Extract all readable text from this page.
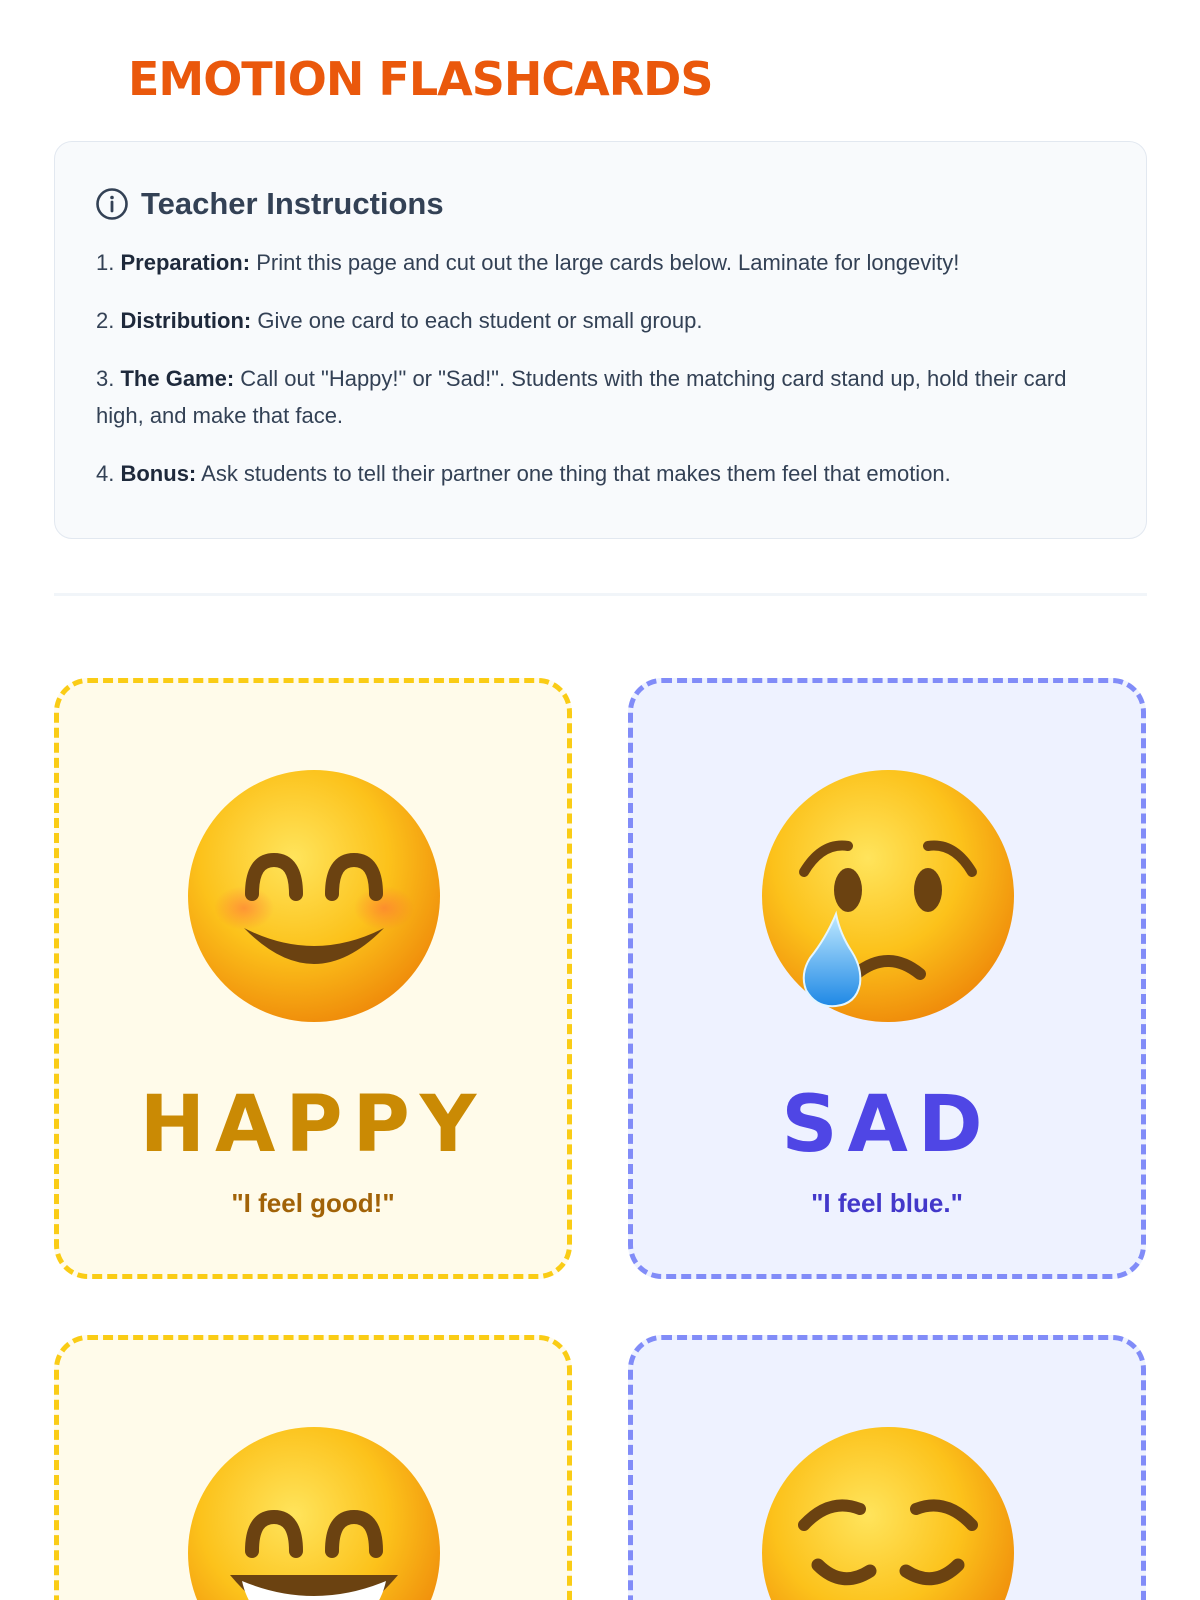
EMOTION FLASHCARDS
Teacher Instructions
1. Preparation: Print this page and cut out the large cards below. Laminate for longevity!
2. Distribution: Give one card to each student or small group.
3. The Game: Call out "Happy!" or "Sad!". Students with the matching card stand up, hold their card high, and make that face.
4. Bonus: Ask students to tell their partner one thing that makes them feel that emotion.
HAPPY
"I feel good!"
SAD
"I feel blue."
